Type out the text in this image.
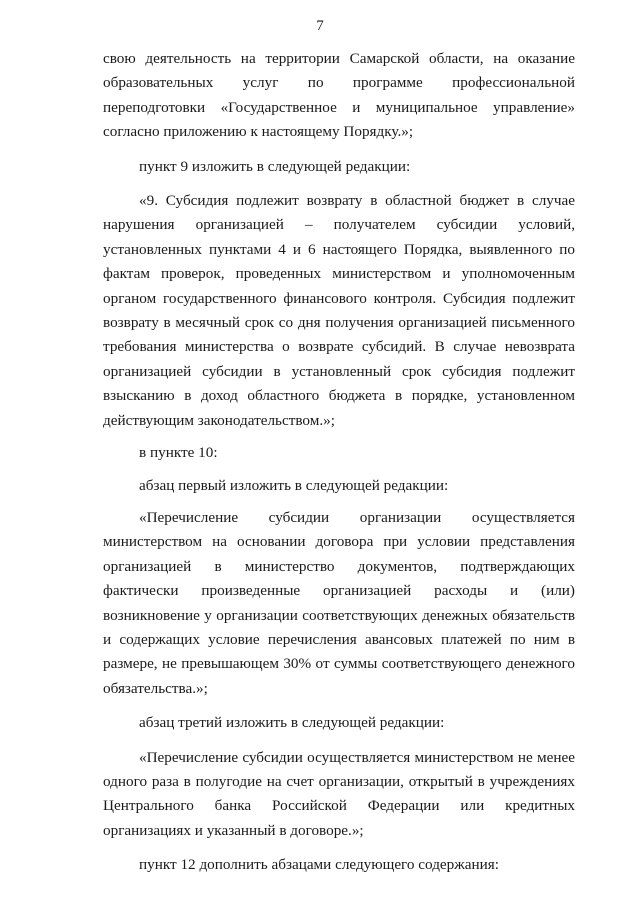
7

свою деятельность на территории Самарской области, на оказание образовательных услуг по программе профессиональной переподготовки «Государственное и муниципальное управление» согласно приложению к настоящему Порядку.»;

пункт 9 изложить в следующей редакции:

«9. Субсидия подлежит возврату в областной бюджет в случае нарушения организацией – получателем субсидии условий, установленных пунктами 4 и 6 настоящего Порядка, выявленного по фактам проверок, проведенных министерством и уполномоченным органом государственного финансового контроля. Субсидия подлежит возврату в месячный срок со дня получения организацией письменного требования министерства о возврате субсидий. В случае невозврата организацией субсидии в установленный срок субсидия подлежит взысканию в доход областного бюджета в порядке, установленном действующим законодательством.»;

в пункте 10:

абзац первый изложить в следующей редакции:

«Перечисление субсидии организации осуществляется министерством на основании договора при условии представления организацией в министерство документов, подтверждающих фактически произведенные организацией расходы и (или) возникновение у организации соответствующих денежных обязательств и содержащих условие перечисления авансовых платежей по ним в размере, не превышающем 30% от суммы соответствующего денежного обязательства.»;

абзац третий изложить в следующей редакции:

«Перечисление субсидии осуществляется министерством не менее одного раза в полугодие на счет организации, открытый в учреждениях Центрального банка Российской Федерации или кредитных организациях и указанный в договоре.»;

пункт 12 дополнить абзацами следующего содержания:
